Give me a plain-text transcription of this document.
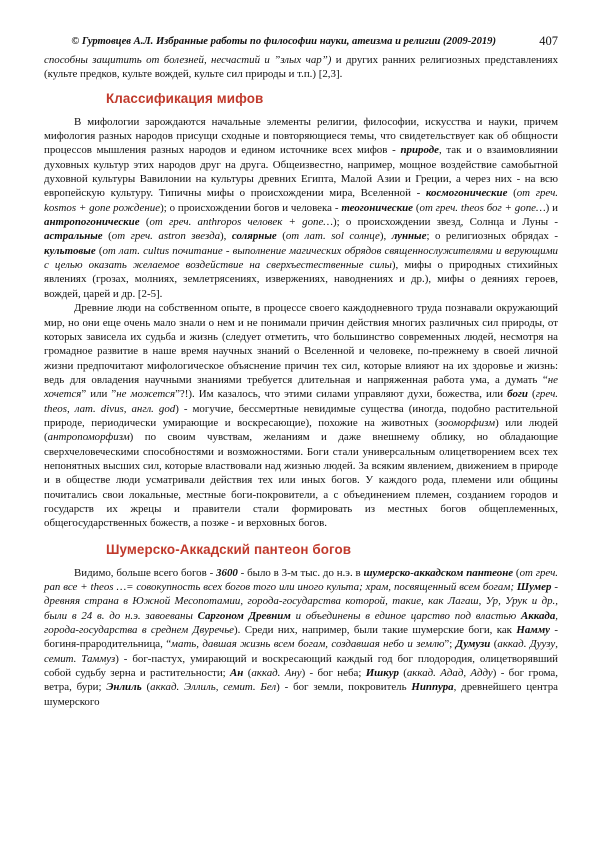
© Гуртовцев А.Л. Избранные работы по философии науки, атеизма и религии (2009-2019)	407

способны защитить от болезней, несчастий и ”злых чар”) и других ранних религиозных представлениях (культе предков, культе вождей, культе сил природы и т.п.) [2,3].

Классификация мифов

В мифологии зарождаются начальные элементы религии, философии, искусства и науки, причем мифология разных народов присущи сходные и повторяющиеся темы, что свидетельствует как об общности процессов мышления разных народов и едином источнике всех мифов - природе, так и о взаимовлиянии духовных культур этих народов друг на друга. Общеизвестно, например, мощное воздействие самобытной духовной культуры Вавилонии на культуры древних Египта, Малой Азии и Греции, а через них - на всю европейскую культуру. Типичны мифы о происхождении мира, Вселенной - космогонические (от греч. kosmos + gone рождение); о происхождении богов и человека - теогонические (от греч. theos бог + gone…) и антропогонические (от греч. anthropos человек + gone…); о происхождении звезд, Солнца и Луны - астральные (от греч. astron звезда), солярные (от лат. sol солнце), лунные; о религиозных обрядах - культовые (от лат. cultus почитание - выполнение магических обрядов священнослужителями и верующими с целью оказать желаемое воздействие на сверхъестественные силы), мифы о природных стихийных явлениях (грозах, молниях, землетрясениях, извержениях, наводнениях и др.), мифы о деяниях героев, вождей, царей и др. [2-5].

Древние люди на собственном опыте, в процессе своего каждодневного труда познавали окружающий мир, но они еще очень мало знали о нем и не понимали причин действия многих различных сил природы, от которых зависела их судьба и жизнь (следует отметить, что большинство современных людей, несмотря на громадное развитие в наше время научных знаний о Вселенной и человеке, по-прежнему в своей личной жизни предпочитают мифологическое объяснение причин тех сил, которые влияют на их здоровье и жизнь: ведь для овладения научными знаниями требуется длительная и напряженная работа ума, а думать “не хочется” или ”не можется”?!). Им казалось, что этими силами управляют духи, божества, или боги (греч. theos, лат. divus, англ. god) - могучие, бессмертные невидимые существа (иногда, подобно растительной природе, периодически умирающие и воскресающие), похожие на животных (зооморфизм) или людей (антропоморфизм) по своим чувствам, желаниям и даже внешнему облику, но обладающие сверхчеловеческими способностями и возможностями. Боги стали универсальным олицетворением всех тех непонятных высших сил, которые властвовали над жизнью людей. За всяким явлением, движением в природе и в обществе люди усматривали действия тех или иных богов. У каждого рода, племени или общины почитались свои локальные, местные боги-покровители, а с объединением племен, созданием городов и государств их жрецы и правители стали формировать из местных богов общеплеменных, общегосударственных божеств, а позже - и верховных богов.

Шумерско-Аккадский пантеон богов

Видимо, больше всего богов - 3600 - было в 3-м тыс. до н.э. в шумерско-аккадском пантеоне (от греч. pan все + theos …= совокупность всех богов того или иного культа; храм, посвященный всем богам; Шумер - древняя страна в Южной Месопотамии, города-государства которой, такие, как Лагаш, Ур, Урук и др., были в 24 в. до н.э. завоеваны Саргоном Древним и объединены в единое царство под властью Аккада, города-государства в среднем Двуречье). Среди них, например, были такие шумерские боги, как Намму - богиня-прародительница, “мать, давшая жизнь всем богам, создавшая небо и землю”; Думузи (аккад. Дуузу, семит. Таммуз) - бог-пастух, умирающий и воскресающий каждый год бог плодородия, олицетворявший собой судьбу зерна и растительности; Ан (аккад. Ану) - бог неба; Ишкур (аккад. Адад, Адду) - бог грома, ветра, бури; Энлиль (аккад. Эллиль, семит. Бел) - бог земли, покровитель Ниппура, древнейшего центра шумерского
